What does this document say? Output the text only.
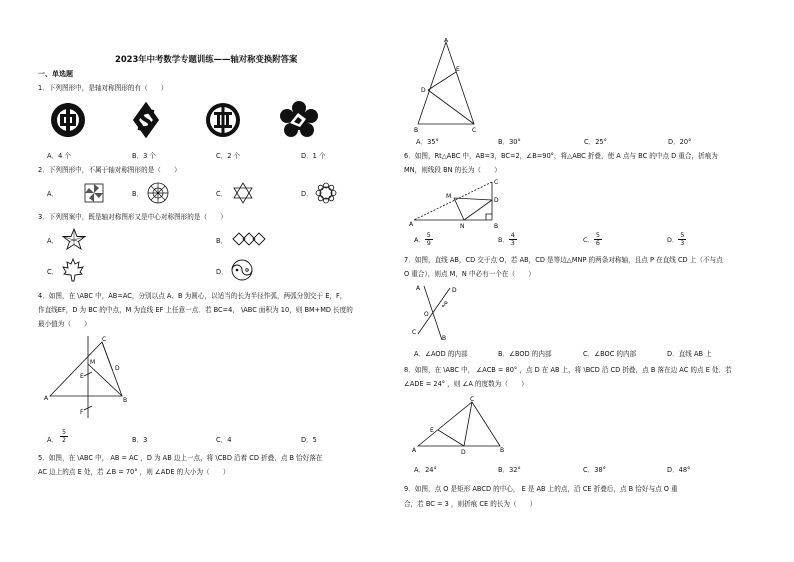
2023年中考数学专题训练——轴对称变换附答案
一、单选题
1．下列图形中，是轴对称图形的有（　　）
A．4 个	B．3 个	C．2 个	D．1 个
2．下列图形中，不属于轴对称图形的是（　　）
A．	B．	C．	D．
3．下列图案中，既是轴对称图形又是中心对称图形的是（　　）
A．	B．
C．	D．
4．如图，在 \ABC 中，AB=AC，分别以点 A、B 为圆心，以适当的长为半径作弧，两弧分别交于 E，F，
作直线EF，D 为 BC 的中点，M 为直线 EF 上任意一点．若 BC=4， \ABC 面积为 10，则 BM+MD 长度的
最小值为（　　）
C
A	B
D
M
E
F
A．
5
2	B．3	C．4	D．5
5．如图，在 \ABC 中， AB = AC ，D 为 AB 边上一点，将 \CBD 沿着 CD 折叠，点 B 恰好落在
AC 边上的点 E 处，若 ∠B = 70° ，则 ∠ADE 的大小为（　　）
A
B	C
D
E
A．35°	B．30°	C．25°	D．20°
6．如图，Rt△ABC 中，AB=3，BC=2，∠B=90°，将△ABC 折叠，使 A 点与 BC 的中点 D 重合，折痕为
MN，则线段 BN 的长为（　　）
C
D
B
A
M
N
A．
5
9	B．
4
3	C．
5
6	D．
5
3
7．如图，直线 AB，CD 交于点 O，若 AB，CD 是等边△MNP 的两条对称轴，且点 P 在直线 CD 上（不与点
O 重合），则点 M，N 中必有一个在（　　）
A	D
P
O
C
B
A．∠AOD 的内部	B．∠BOD 的内部	C．∠BOC 的内部	D．直线 AB 上
8．如图，在 \ABC 中， ∠ACB = 80° ，点 D 在 AB 上，将 \BCD 沿 CD 折叠，点 B 落在边 AC 的点 E 处．若
∠ADE = 24° ，则 ∠A 的度数为（　　）
C
A	B
D
E
A．24°	B．32°	C．38°	D．48°
9．如图，点 O 是矩形 ABCD 的中心， E 是 AB 上的点，沿 CE 折叠后，点 B 恰好与点 O 重
合，若 BC = 3 ，则折痕 CE 的长为（　　）
